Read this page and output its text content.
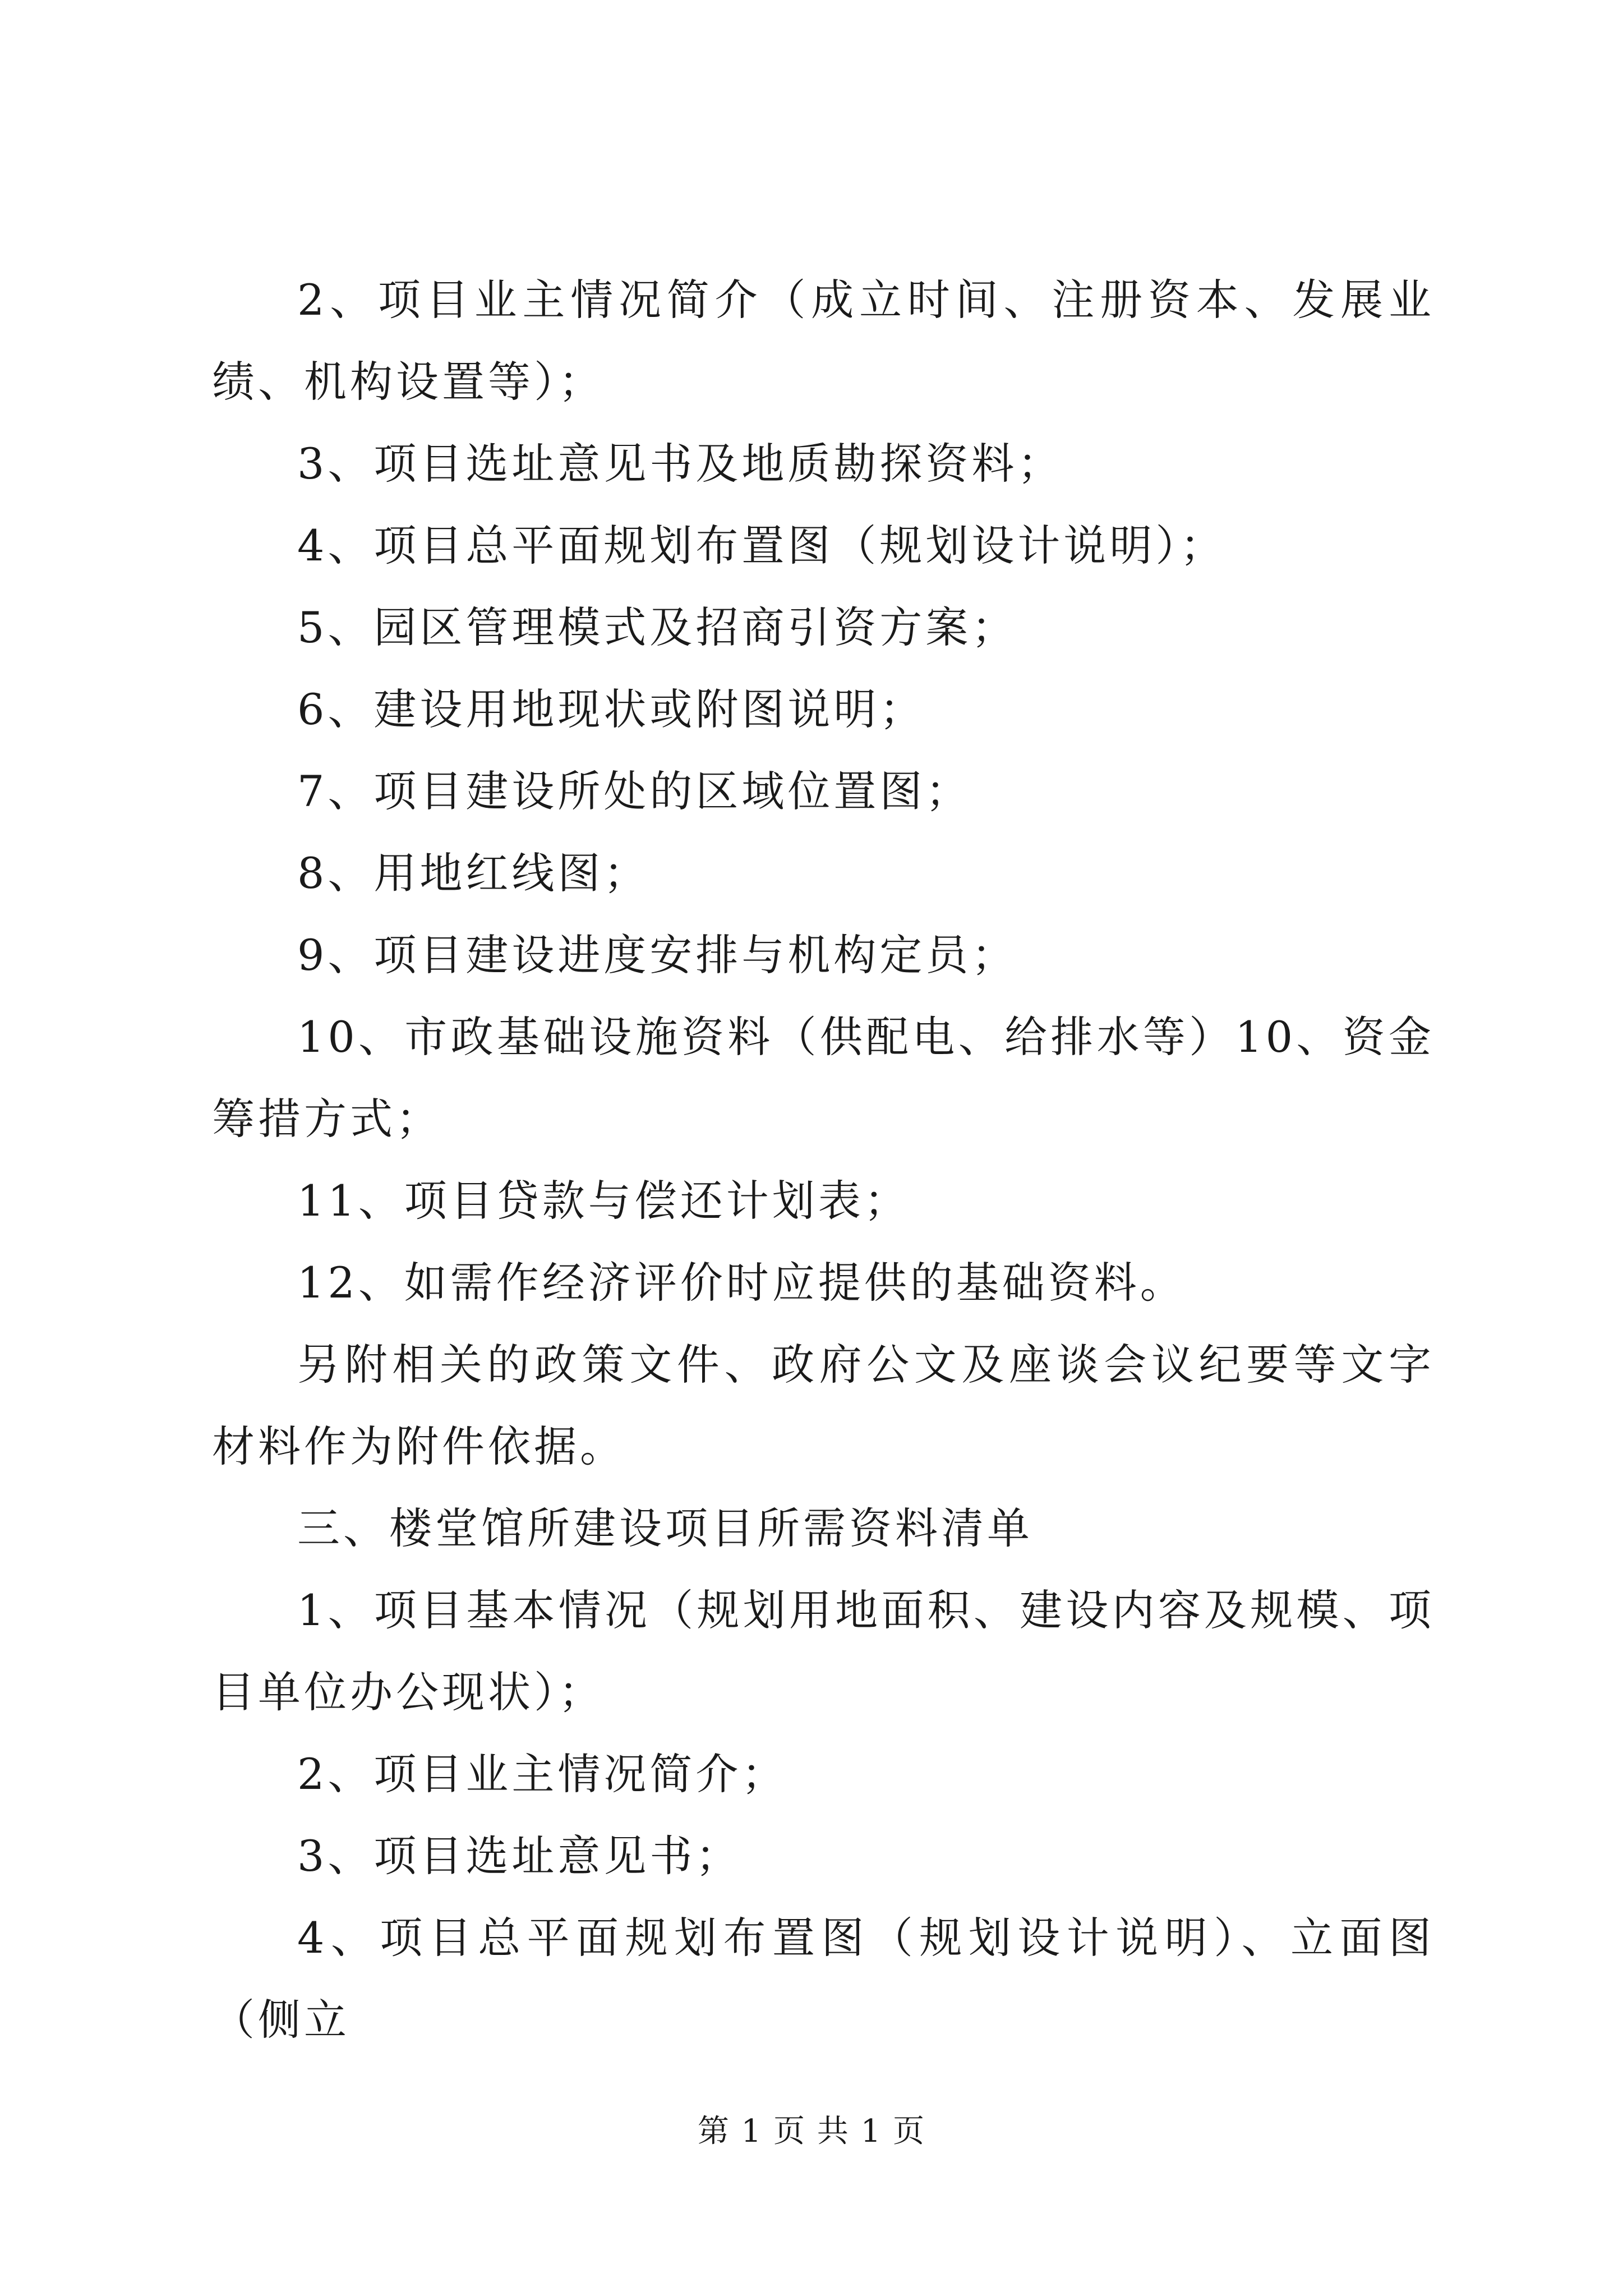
2、项目业主情况简介（成立时间、注册资本、发展业绩、机构设置等）；

3、项目选址意见书及地质勘探资料；

4、项目总平面规划布置图（规划设计说明）；

5、园区管理模式及招商引资方案；

6、建设用地现状或附图说明；

7、项目建设所处的区域位置图；

8、用地红线图；

9、项目建设进度安排与机构定员；

10、市政基础设施资料（供配电、给排水等）10、资金筹措方式；

11、项目贷款与偿还计划表；

12、如需作经济评价时应提供的基础资料。

另附相关的政策文件、政府公文及座谈会议纪要等文字材料作为附件依据。

三、楼堂馆所建设项目所需资料清单

1、项目基本情况（规划用地面积、建设内容及规模、项目单位办公现状）；

2、项目业主情况简介；

3、项目选址意见书；

4、项目总平面规划布置图（规划设计说明）、立面图（侧立

第 1 页 共 1 页
